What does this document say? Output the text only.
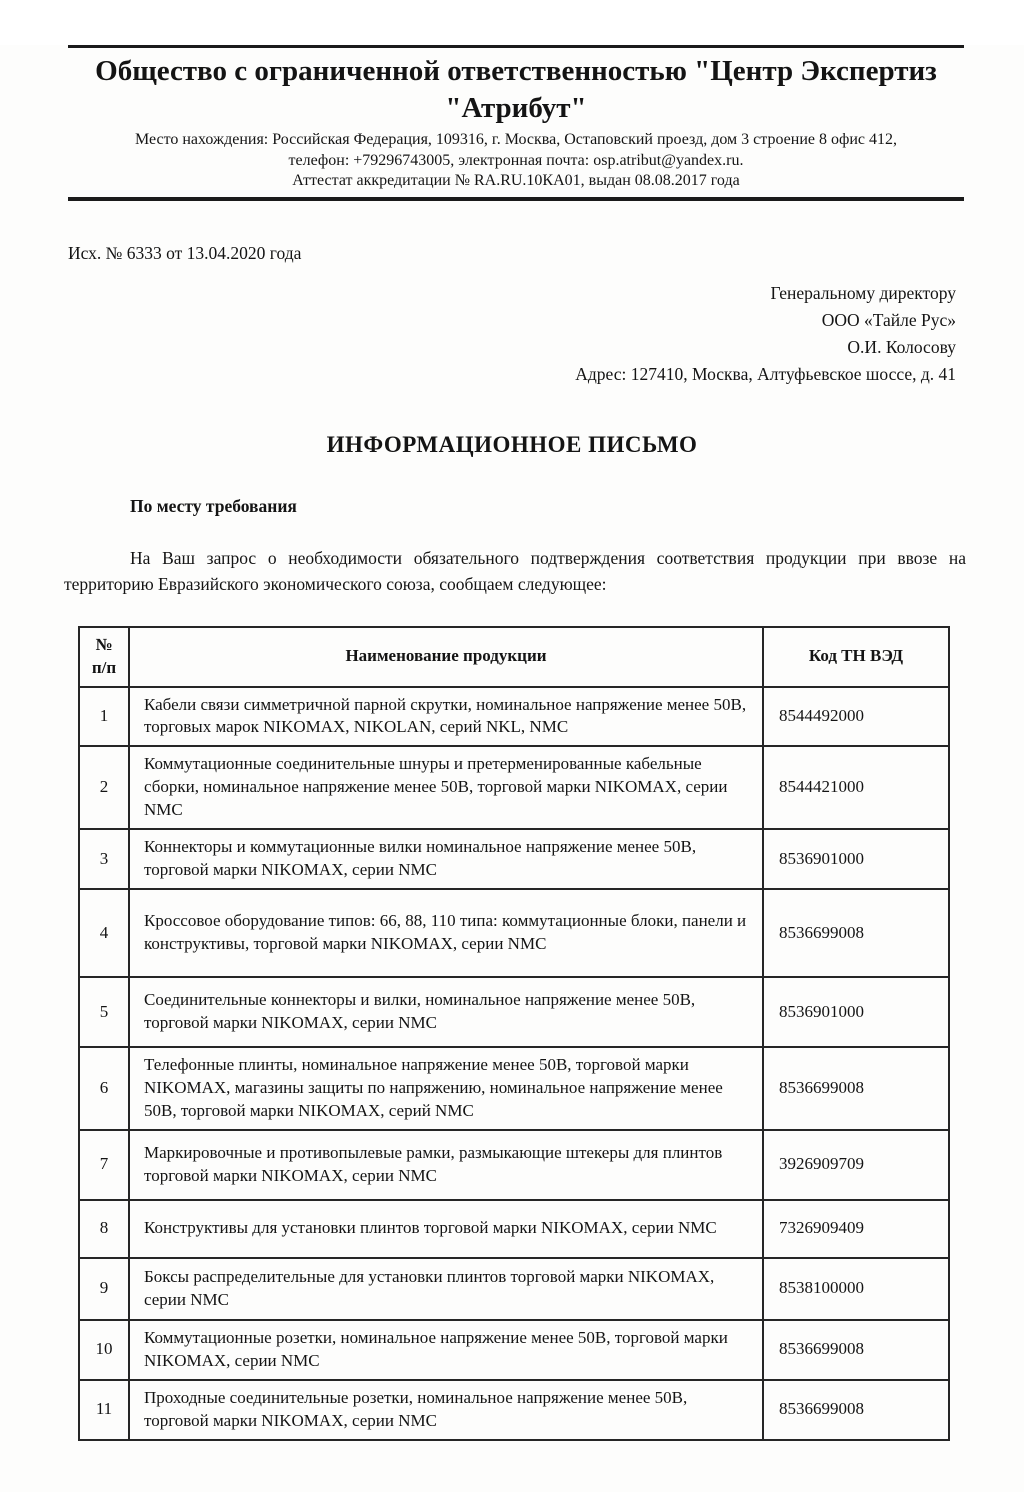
Общество с ограниченной ответственностью "Центр Экспертиз
"Атрибут"
Место нахождения: Российская Федерация, 109316, г. Москва, Остаповский проезд, дом 3 строение 8 офис 412,
телефон: +79296743005, электронная почта: osp.atribut@yandex.ru.
Аттестат аккредитации № RA.RU.10КА01, выдан 08.08.2017 года
Исх. № 6333 от 13.04.2020 года
Генеральному директору
ООО «Тайле Рус»
О.И. Колосову
Адрес: 127410, Москва, Алтуфьевское шоссе, д. 41
ИНФОРМАЦИОННОЕ ПИСЬМО
По месту требования
На Ваш запрос о необходимости обязательного подтверждения соответствия продукции при ввозе на территорию Евразийского экономического союза, сообщаем следующее:
№
п/п	Наименование продукции	Код ТН ВЭД
1	Кабели связи симметричной парной скрутки, номинальное напряжение менее 50В, торговых марок NIKOMAX, NIKOLAN, серий NKL, NMC	8544492000
2	Коммутационные соединительные шнуры и претерменированные кабельные сборки, номинальное напряжение менее 50В, торговой марки NIKOMAX, серии NMC	8544421000
3	Коннекторы и коммутационные вилки номинальное напряжение менее 50В, торговой марки NIKOMAX, серии NMC	8536901000
4	Кроссовое оборудование типов: 66, 88, 110 типа: коммутационные блоки, панели и конструктивы, торговой марки NIKOMAX, серии NMC	8536699008
5	Соединительные коннекторы и вилки, номинальное напряжение менее 50В, торговой марки NIKOMAX, серии NMC	8536901000
6	Телефонные плинты, номинальное напряжение менее 50В, торговой марки NIKOMAX, магазины защиты по напряжению, номинальное напряжение менее 50В, торговой марки NIKOMAX, серий NMC	8536699008
7	Маркировочные и противопылевые рамки, размыкающие штекеры для плинтов торговой марки NIKOMAX, серии NMC	3926909709
8	Конструктивы для установки плинтов торговой марки NIKOMAX, серии NMC	7326909409
9	Боксы распределительные для установки плинтов торговой марки NIKOMAX, серии NMC	8538100000
10	Коммутационные розетки, номинальное напряжение менее 50В, торговой марки NIKOMAX, серии NMC	8536699008
11	Проходные соединительные розетки, номинальное напряжение менее 50В, торговой марки NIKOMAX, серии NMC	8536699008
